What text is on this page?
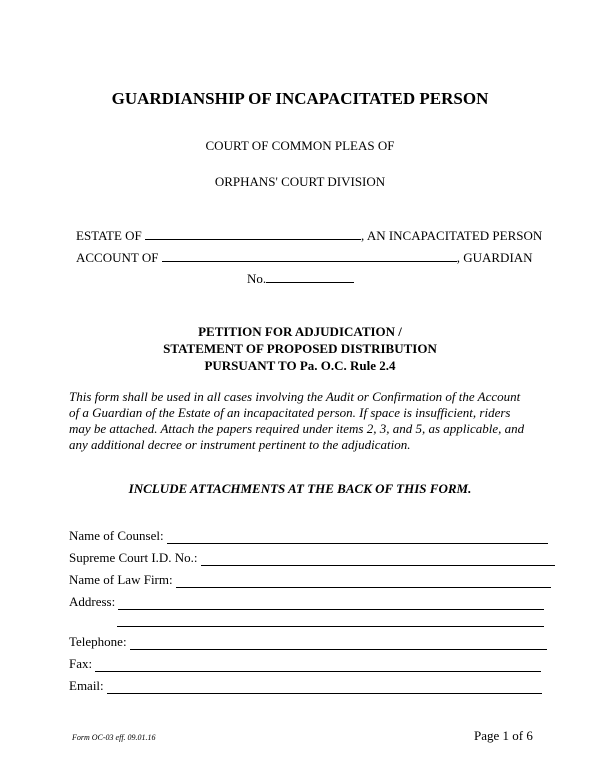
GUARDIANSHIP OF INCAPACITATED PERSON
COURT OF COMMON PLEAS OF
ORPHANS' COURT DIVISION
ESTATE OF	, AN INCAPACITATED PERSON
ACCOUNT OF	, GUARDIAN
No.
PETITION FOR ADJUDICATION /
STATEMENT OF PROPOSED DISTRIBUTION
PURSUANT TO Pa. O.C. Rule 2.4
This form shall be used in all cases involving the Audit or Confirmation of the Account of a Guardian of the Estate of an incapacitated person. If space is insufficient, riders may be attached. Attach the papers required under items 2, 3, and 5, as applicable, and any additional decree or instrument pertinent to the adjudication.
INCLUDE ATTACHMENTS AT THE BACK OF THIS FORM.
Name of Counsel:
Supreme Court I.D. No.:
Name of Law Firm:
Address:
Telephone:
Fax:
Email:
Form OC-03 eff. 09.01.16	Page 1 of 6
